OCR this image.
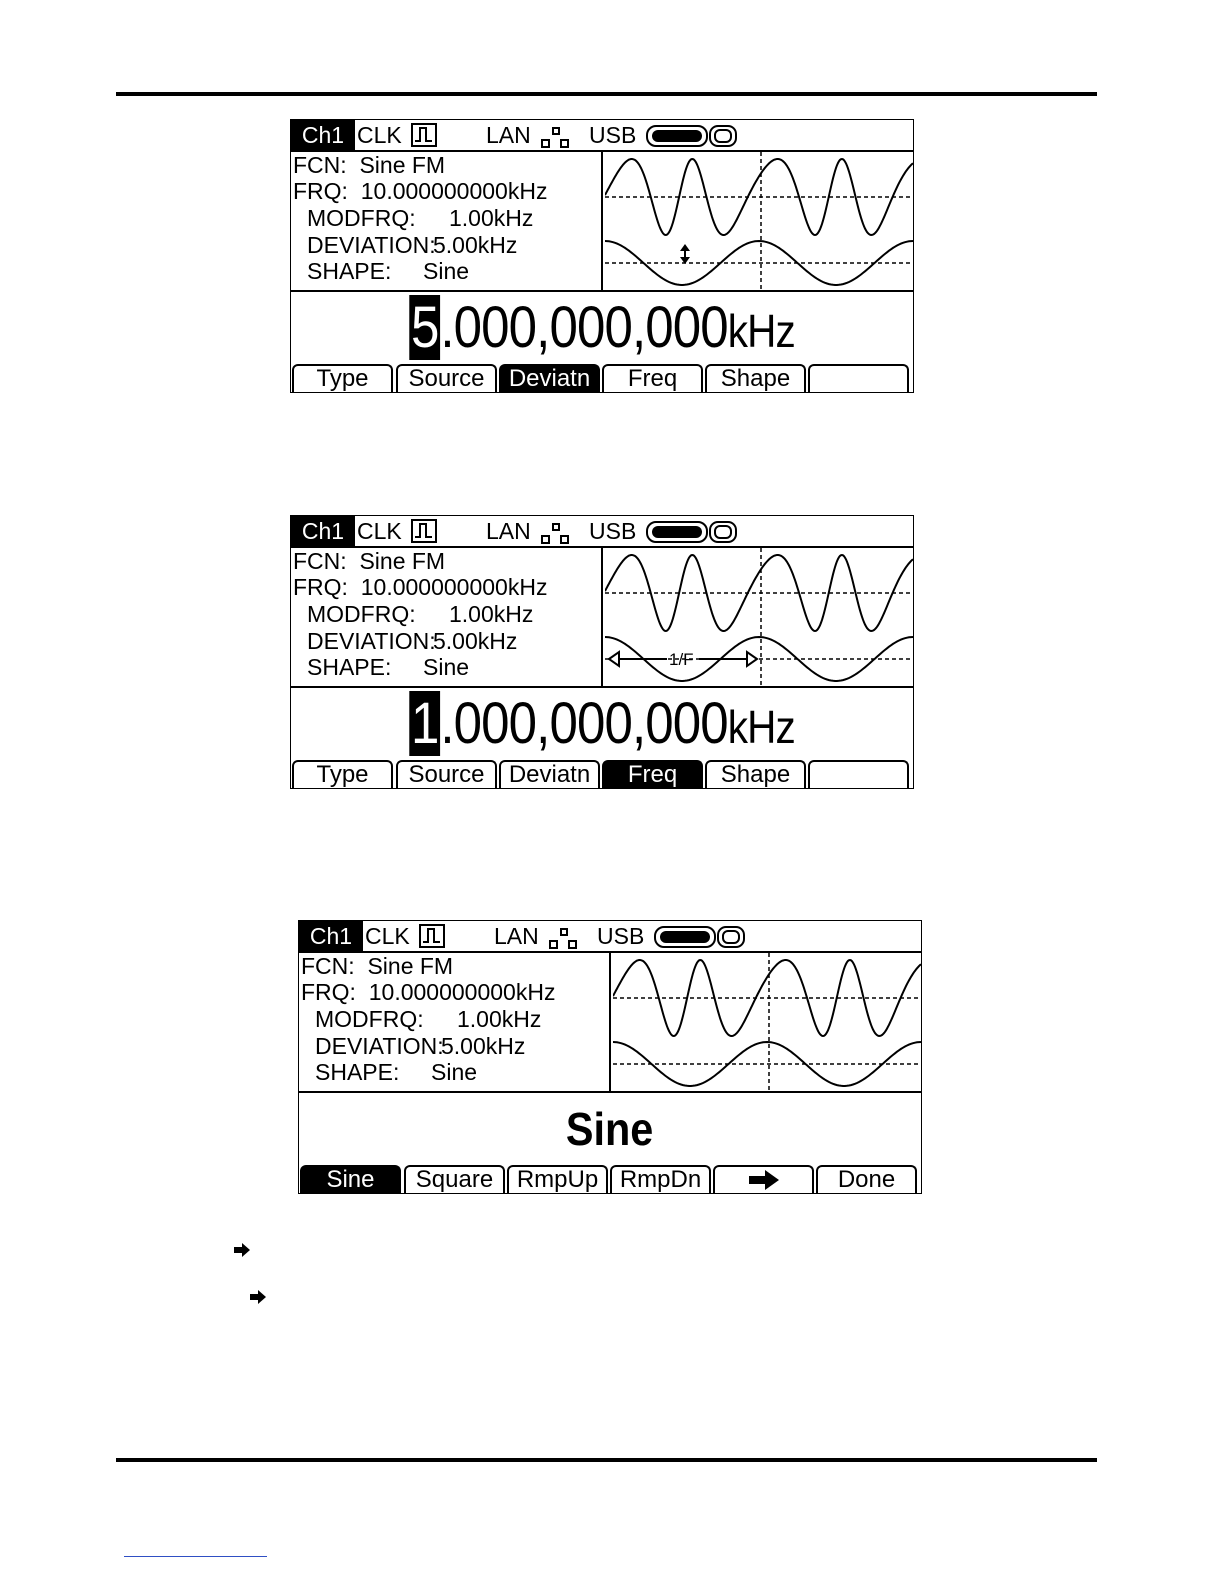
Ch1 CLK	LAN	USB
FCN: Sine FM
FRQ: 10.000000000kHz
MODFRQ: 1.00kHz
DEVIATION:5.00kHz
SHAPE: Sine
5.000,000,000kHz
Type	Source	Deviatn	Freq	Shape
Ch1 CLK	LAN	USB
FCN: Sine FM
FRQ: 10.000000000kHz
MODFRQ: 1.00kHz
DEVIATION:5.00kHz
SHAPE: Sine	1/F
1.000,000,000kHz
Type	Source	Deviatn	Freq	Shape
Ch1 CLK	LAN	USB
FCN: Sine FM
FRQ: 10.000000000kHz
MODFRQ: 1.00kHz
DEVIATION:5.00kHz
SHAPE: Sine
Sine
Sine	Square RmpUp RmpDn	Done
